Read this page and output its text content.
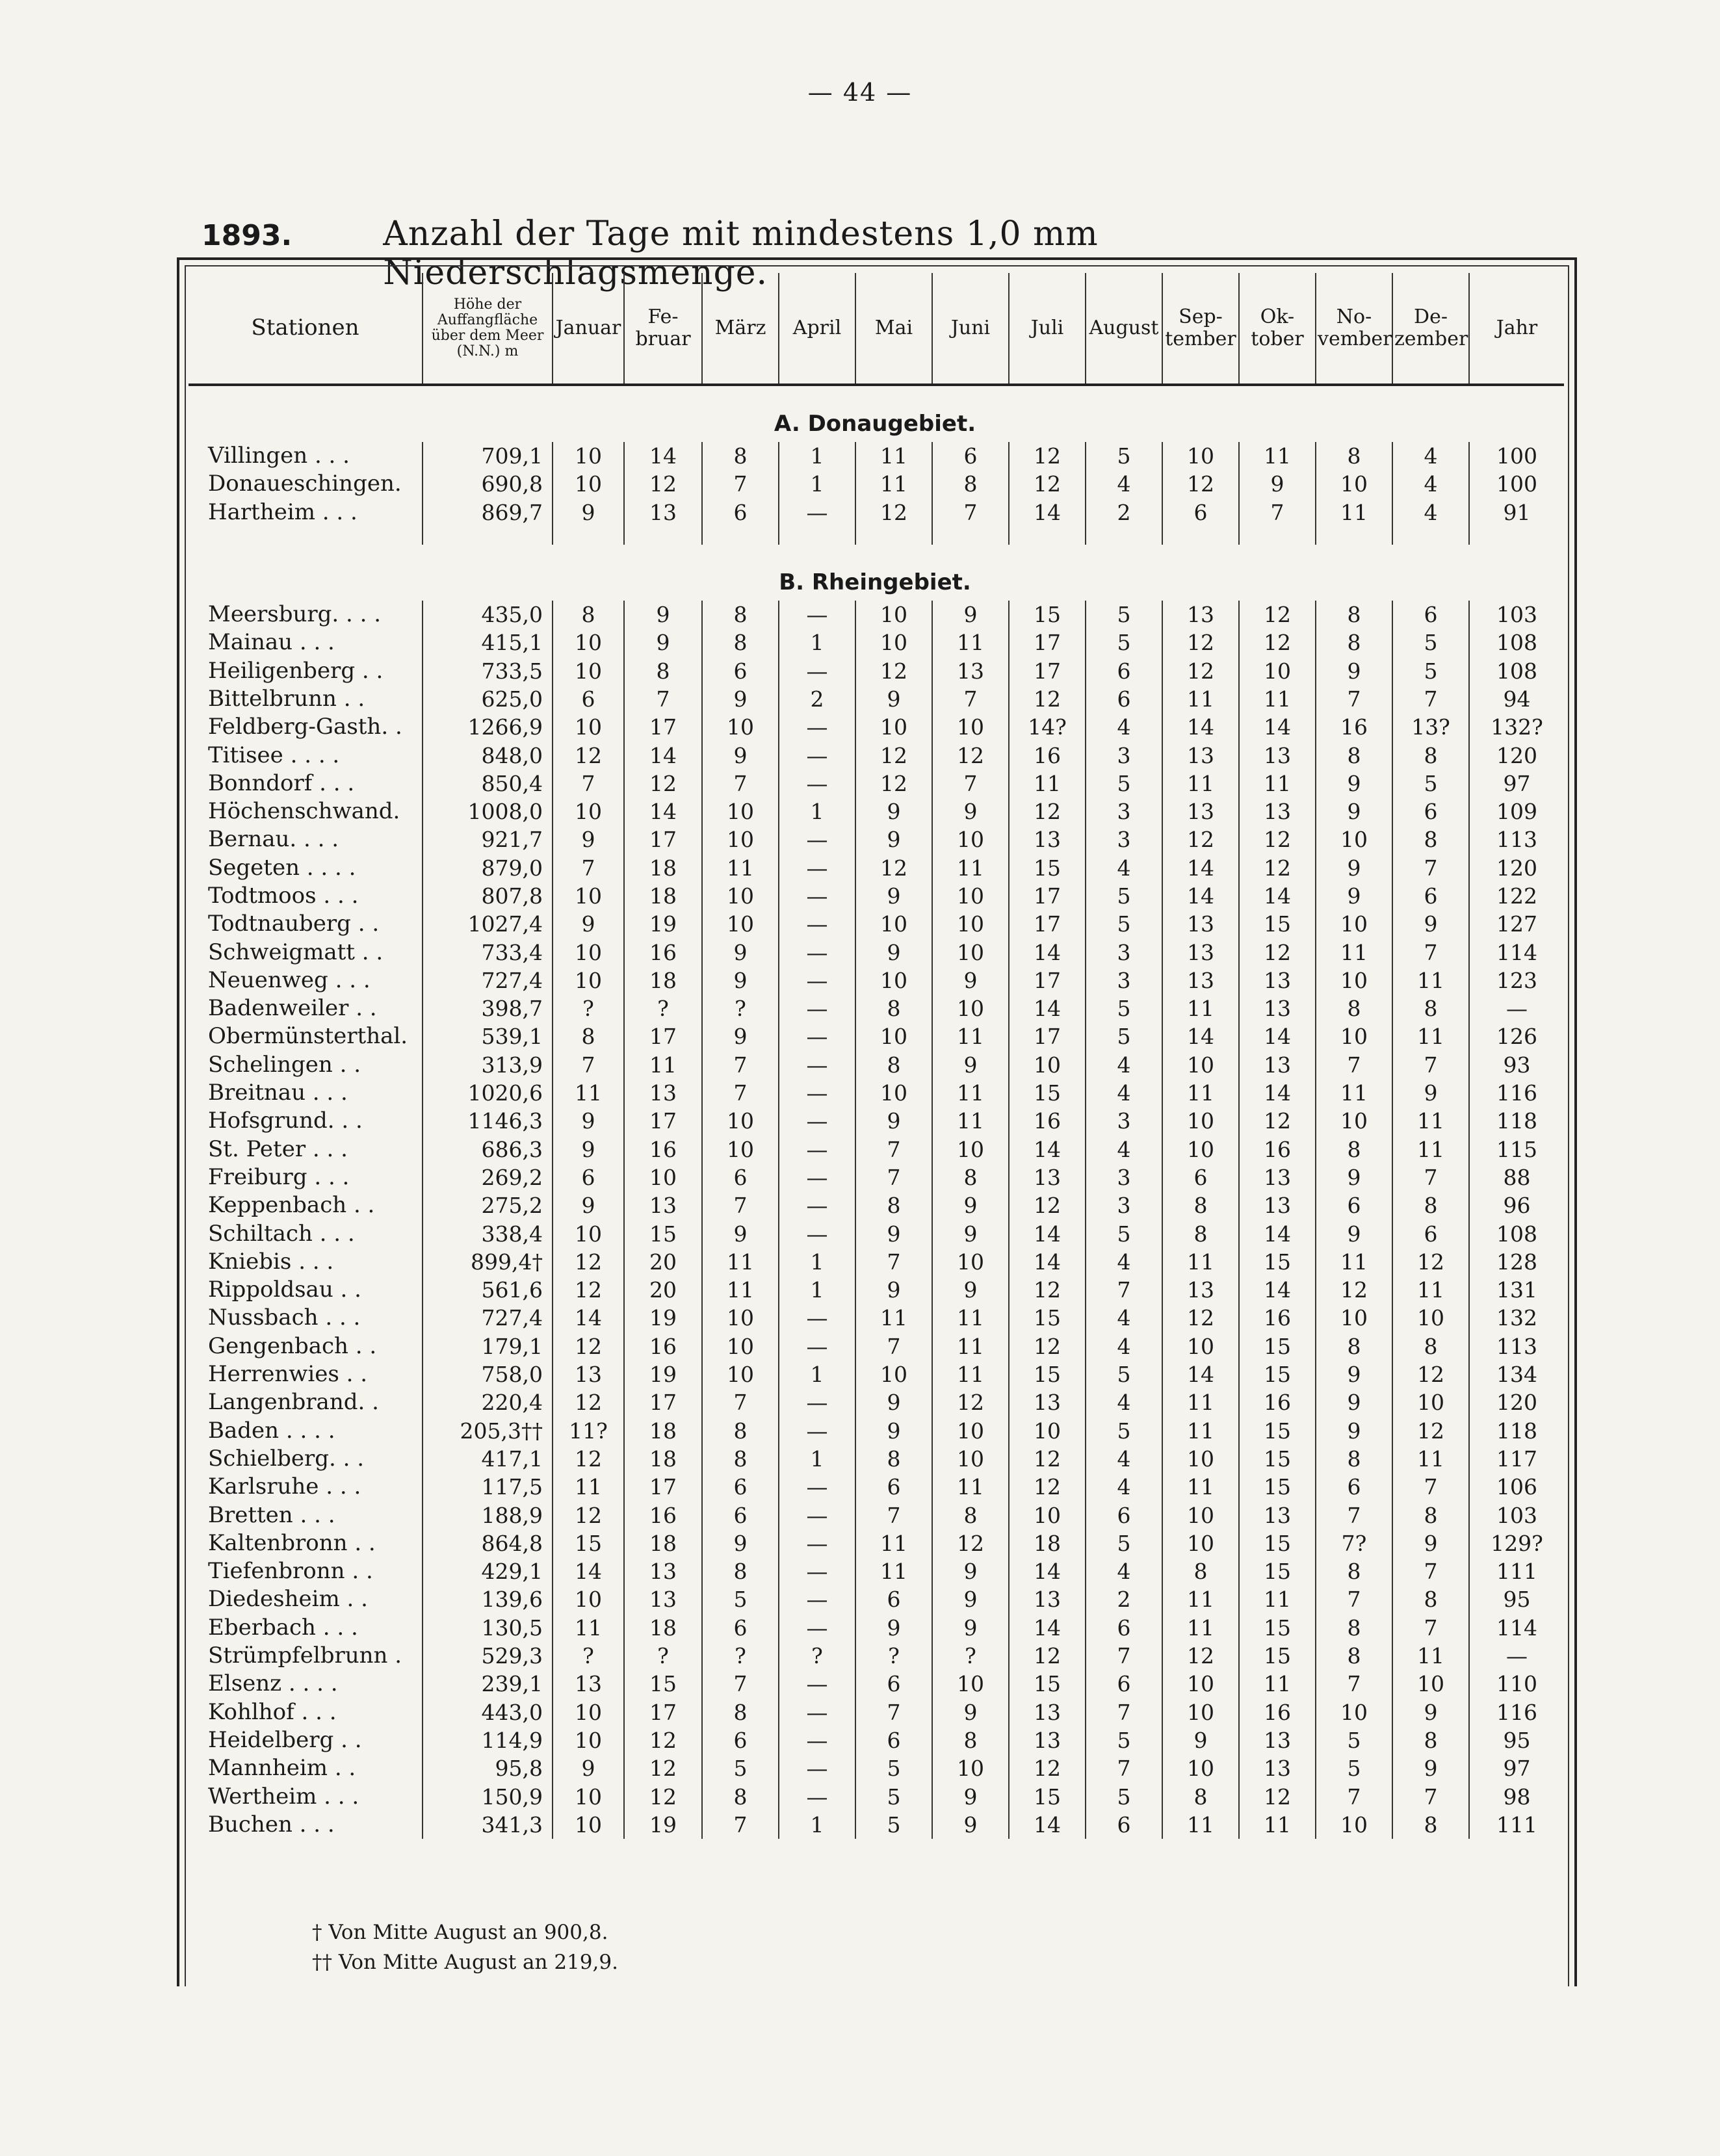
— 44 —
1893.	Anzahl der Tage mit mindestens 1,0 mm Niederschlagsmenge.
Stationen	Höhe der Auffangfläche über dem Meer (N.N.) m	Januar	Fe-bruar	März	April	Mai	Juni	Juli	August	Sep-tember	Ok-tober	No-vember	De-zember	Jahr
A. Donaugebiet.														
Villingen . . .	709,1	10	14	8	1	11	6	12	5	10	11	8	4	100
Donaueschingen.	690,8	10	12	7	1	11	8	12	4	12	9	10	4	100
Hartheim . . .	869,7	9	13	6	—	12	7	14	2	6	7	11	4	91

B. Rheingebiet.														
Meersburg. . . .	435,0	8	9	8	—	10	9	15	5	13	12	8	6	103
Mainau . . .	415,1	10	9	8	1	10	11	17	5	12	12	8	5	108
Heiligenberg . .	733,5	10	8	6	—	12	13	17	6	12	10	9	5	108
Bittelbrunn . .	625,0	6	7	9	2	9	7	12	6	11	11	7	7	94
Feldberg-Gasth. .	1266,9	10	17	10	—	10	10	14?	4	14	14	16	13?	132?
Titisee . . . .	848,0	12	14	9	—	12	12	16	3	13	13	8	8	120
Bonndorf . . .	850,4	7	12	7	—	12	7	11	5	11	11	9	5	97
Höchenschwand.	1008,0	10	14	10	1	9	9	12	3	13	13	9	6	109
Bernau. . . .	921,7	9	17	10	—	9	10	13	3	12	12	10	8	113
Segeten . . . .	879,0	7	18	11	—	12	11	15	4	14	12	9	7	120
Todtmoos . . .	807,8	10	18	10	—	9	10	17	5	14	14	9	6	122
Todtnauberg . .	1027,4	9	19	10	—	10	10	17	5	13	15	10	9	127
Schweigmatt . .	733,4	10	16	9	—	9	10	14	3	13	12	11	7	114
Neuenweg . . .	727,4	10	18	9	—	10	9	17	3	13	13	10	11	123
Badenweiler . .	398,7	?	?	?	—	8	10	14	5	11	13	8	8	—
Obermünsterthal.	539,1	8	17	9	—	10	11	17	5	14	14	10	11	126
Schelingen . .	313,9	7	11	7	—	8	9	10	4	10	13	7	7	93
Breitnau . . .	1020,6	11	13	7	—	10	11	15	4	11	14	11	9	116
Hofsgrund. . .	1146,3	9	17	10	—	9	11	16	3	10	12	10	11	118
St. Peter . . .	686,3	9	16	10	—	7	10	14	4	10	16	8	11	115
Freiburg . . .	269,2	6	10	6	—	7	8	13	3	6	13	9	7	88
Keppenbach . .	275,2	9	13	7	—	8	9	12	3	8	13	6	8	96
Schiltach . . .	338,4	10	15	9	—	9	9	14	5	8	14	9	6	108
Kniebis . . .	899,4†	12	20	11	1	7	10	14	4	11	15	11	12	128
Rippoldsau . .	561,6	12	20	11	1	9	9	12	7	13	14	12	11	131
Nussbach . . .	727,4	14	19	10	—	11	11	15	4	12	16	10	10	132
Gengenbach . .	179,1	12	16	10	—	7	11	12	4	10	15	8	8	113
Herrenwies . .	758,0	13	19	10	1	10	11	15	5	14	15	9	12	134
Langenbrand. .	220,4	12	17	7	—	9	12	13	4	11	16	9	10	120
Baden . . . .	205,3††	11?	18	8	—	9	10	10	5	11	15	9	12	118
Schielberg. . .	417,1	12	18	8	1	8	10	12	4	10	15	8	11	117
Karlsruhe . . .	117,5	11	17	6	—	6	11	12	4	11	15	6	7	106
Bretten . . .	188,9	12	16	6	—	7	8	10	6	10	13	7	8	103
Kaltenbronn . .	864,8	15	18	9	—	11	12	18	5	10	15	7?	9	129?
Tiefenbronn . .	429,1	14	13	8	—	11	9	14	4	8	15	8	7	111
Diedesheim . .	139,6	10	13	5	—	6	9	13	2	11	11	7	8	95
Eberbach . . .	130,5	11	18	6	—	9	9	14	6	11	15	8	7	114
Strümpfelbrunn .	529,3	?	?	?	?	?	?	12	7	12	15	8	11	—
Elsenz . . . .	239,1	13	15	7	—	6	10	15	6	10	11	7	10	110
Kohlhof . . .	443,0	10	17	8	—	7	9	13	7	10	16	10	9	116
Heidelberg . .	114,9	10	12	6	—	6	8	13	5	9	13	5	8	95
Mannheim . .	95,8	9	12	5	—	5	10	12	7	10	13	5	9	97
Wertheim . . .	150,9	10	12	8	—	5	9	15	5	8	12	7	7	98
Buchen . . .	341,3	10	19	7	1	5	9	14	6	11	11	10	8	111
† Von Mitte August an 900,8.
†† Von Mitte August an 219,9.
